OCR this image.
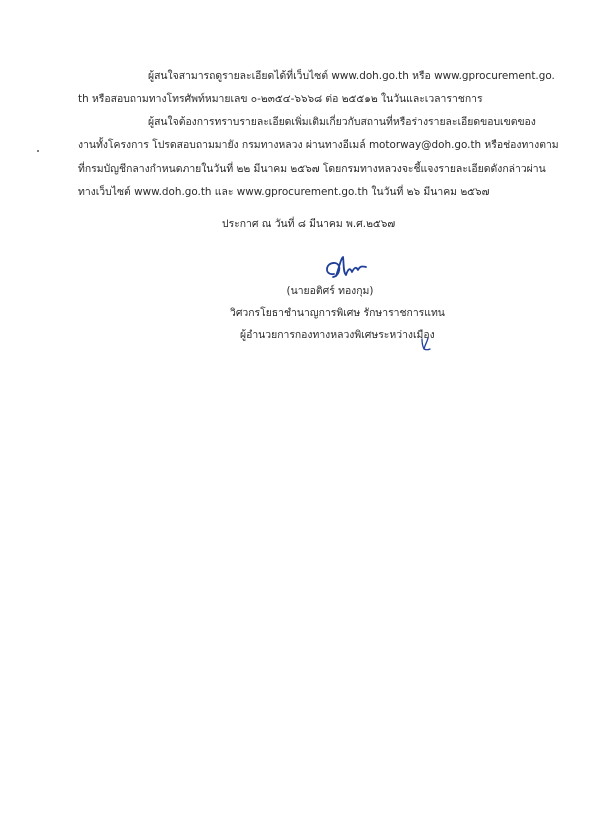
ผู้สนใจสามารถดูรายละเอียดได้ที่เว็บไซต์ www.doh.go.th หรือ www.gprocurement.go.
th หรือสอบถามทางโทรศัพท์หมายเลข ๐-๒๓๕๔-๖๖๖๘ ต่อ ๒๕๕๑๒ ในวันและเวลาราชการ
ผู้สนใจต้องการทราบรายละเอียดเพิ่มเติมเกี่ยวกับสถานที่หรือร่างรายละเอียดขอบเขตของ
งานทั้งโครงการ โปรดสอบถามมายัง กรมทางหลวง ผ่านทางอีเมล์ motorway@doh.go.th หรือช่องทางตาม
ที่กรมบัญชีกลางกำหนดภายในวันที่ ๒๒ มีนาคม ๒๕๖๗ โดยกรมทางหลวงจะชี้แจงรายละเอียดดังกล่าวผ่าน
ทางเว็บไซต์ www.doh.go.th และ www.gprocurement.go.th ในวันที่ ๒๖ มีนาคม ๒๕๖๗
ประกาศ ณ วันที่ ๘ มีนาคม พ.ศ.๒๕๖๗
(นายอติศร์ ทองกุม)
วิศวกรโยธาชำนาญการพิเศษ รักษาราชการแทน
ผู้อำนวยการกองทางหลวงพิเศษระหว่างเมือง
